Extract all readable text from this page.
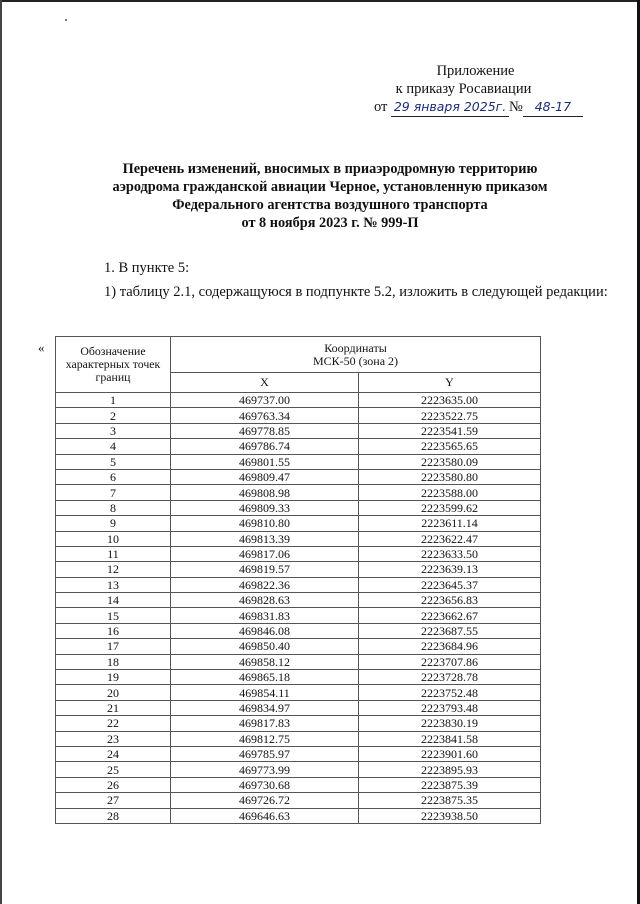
Приложение
к приказу Росавиации
от 29 января 2025г. № 48-17
Перечень изменений, вносимых в приаэродромную территорию
аэродрома гражданской авиации Черное, установленную приказом
Федерального агентства воздушного транспорта
от 8 ноября 2023 г. № 999-П
1. В пункте 5:
1) таблицу 2.1, содержащуюся в подпункте 5.2, изложить в следующей редакции:
«	Обозначение характерных точек границ	Координаты
МСК-50 (зона 2)	

	X	Y
1	469737.00	2223635.00
2	469763.34	2223522.75
3	469778.85	2223541.59
4	469786.74	2223565.65
5	469801.55	2223580.09
6	469809.47	2223580.80
7	469808.98	2223588.00
8	469809.33	2223599.62
9	469810.80	2223611.14
10	469813.39	2223622.47
11	469817.06	2223633.50
12	469819.57	2223639.13
13	469822.36	2223645.37
14	469828.63	2223656.83
15	469831.83	2223662.67
16	469846.08	2223687.55
17	469850.40	2223684.96
18	469858.12	2223707.86
19	469865.18	2223728.78
20	469854.11	2223752.48
21	469834.97	2223793.48
22	469817.83	2223830.19
23	469812.75	2223841.58
24	469785.97	2223901.60
25	469773.99	2223895.93
26	469730.68	2223875.39
27	469726.72	2223875.35
28	469646.63	2223938.50
